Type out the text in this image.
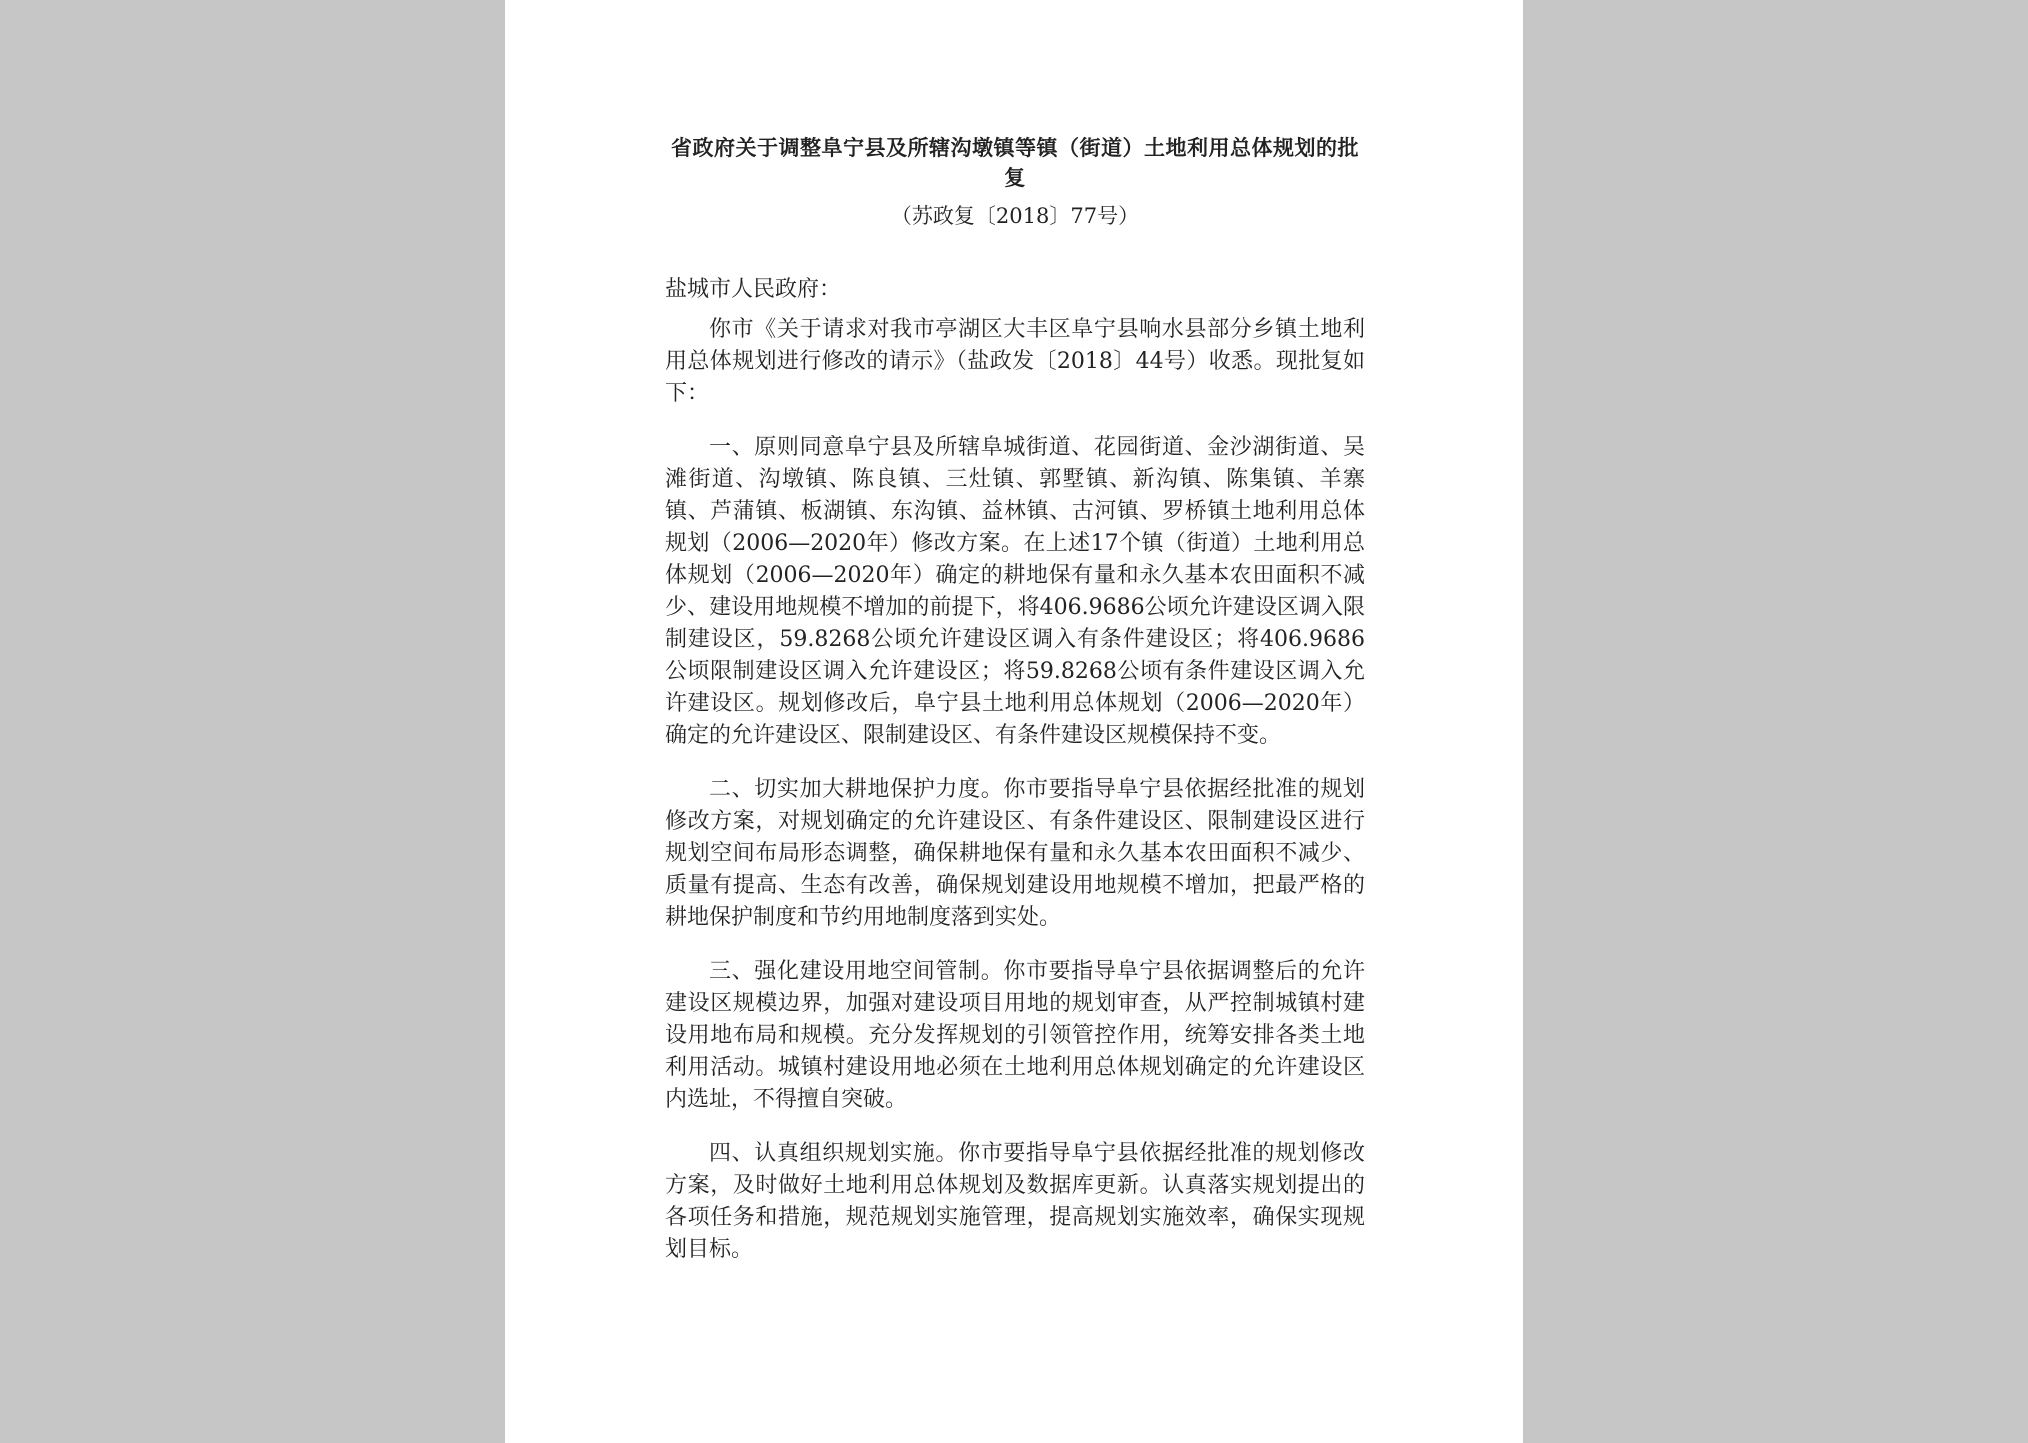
省政府关于调整阜宁县及所辖沟墩镇等镇（街道）土地利用总体规划的批复
（苏政复〔2018〕77号）
盐城市人民政府：

你市《关于请求对我市亭湖区大丰区阜宁县响水县部分乡镇土地利用总体规划进行修改的请示》（盐政发〔2018〕44号）收悉。现批复如下：

一、原则同意阜宁县及所辖阜城街道、花园街道、金沙湖街道、吴滩街道、沟墩镇、陈良镇、三灶镇、郭墅镇、新沟镇、陈集镇、羊寨镇、芦蒲镇、板湖镇、东沟镇、益林镇、古河镇、罗桥镇土地利用总体规划（2006—2020年）修改方案。在上述17个镇（街道）土地利用总体规划（2006—2020年）确定的耕地保有量和永久基本农田面积不减少、建设用地规模不增加的前提下，将406.9686公顷允许建设区调入限制建设区，59.8268公顷允许建设区调入有条件建设区；将406.9686公顷限制建设区调入允许建设区；将59.8268公顷有条件建设区调入允许建设区。规划修改后，阜宁县土地利用总体规划（2006—2020年）确定的允许建设区、限制建设区、有条件建设区规模保持不变。

二、切实加大耕地保护力度。你市要指导阜宁县依据经批准的规划修改方案，对规划确定的允许建设区、有条件建设区、限制建设区进行规划空间布局形态调整，确保耕地保有量和永久基本农田面积不减少、质量有提高、生态有改善，确保规划建设用地规模不增加，把最严格的耕地保护制度和节约用地制度落到实处。

三、强化建设用地空间管制。你市要指导阜宁县依据调整后的允许建设区规模边界，加强对建设项目用地的规划审查，从严控制城镇村建设用地布局和规模。充分发挥规划的引领管控作用，统筹安排各类土地利用活动。城镇村建设用地必须在土地利用总体规划确定的允许建设区内选址，不得擅自突破。

四、认真组织规划实施。你市要指导阜宁县依据经批准的规划修改方案，及时做好土地利用总体规划及数据库更新。认真落实规划提出的各项任务和措施，规范规划实施管理，提高规划实施效率，确保实现规划目标。
